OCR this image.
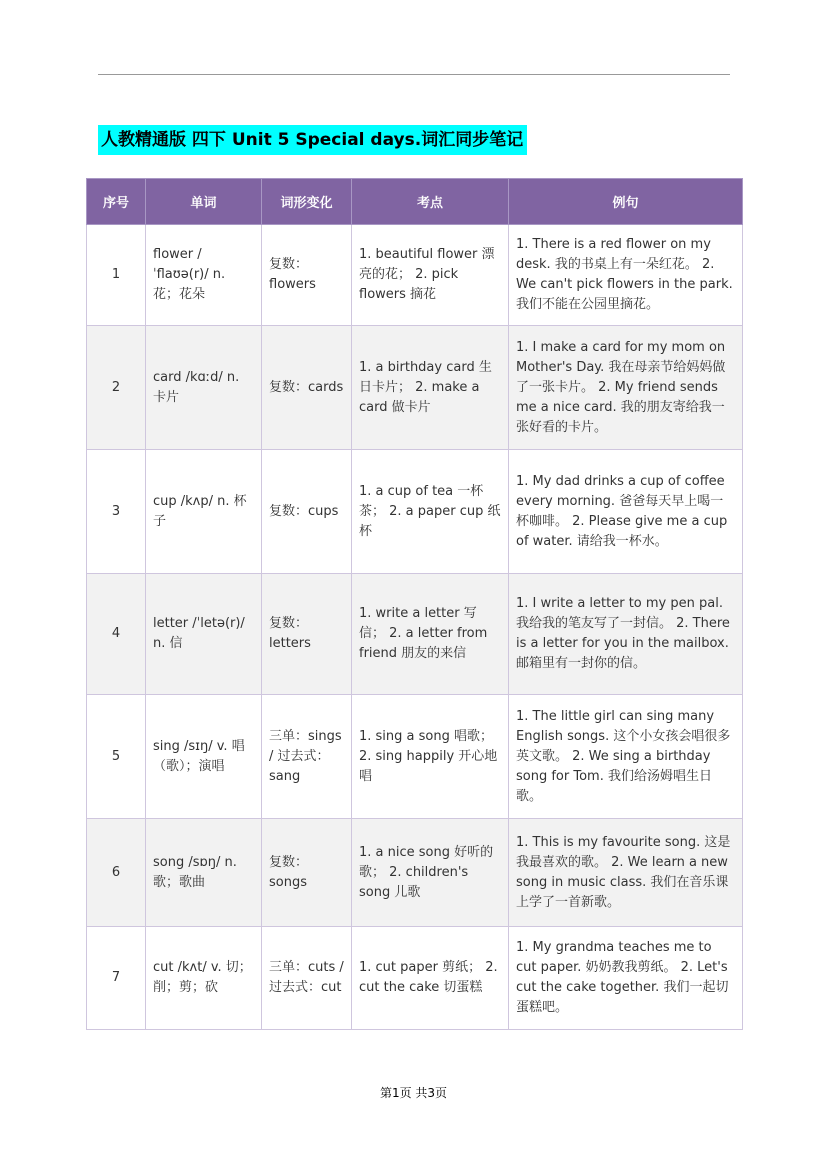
人教精通版 四下 Unit 5 Special days.词汇同步笔记
序号	单词	词形变化	考点	例句
1	flower /ˈflaʊə(r)/ n. 花；花朵	复数：flowers	1. beautiful flower 漂亮的花； 2. pick flowers 摘花	1. There is a red flower on my desk. 我的书桌上有一朵红花。 2. We can't pick flowers in the park. 我们不能在公园里摘花。
2	card /kɑːd/ n. 卡片	复数：cards	1. a birthday card 生日卡片； 2. make a card 做卡片	1. I make a card for my mom on Mother's Day. 我在母亲节给妈妈做了一张卡片。 2. My friend sends me a nice card. 我的朋友寄给我一张好看的卡片。
3	cup /kʌp/ n. 杯子	复数：cups	1. a cup of tea 一杯茶； 2. a paper cup 纸杯	1. My dad drinks a cup of coffee every morning. 爸爸每天早上喝一杯咖啡。 2. Please give me a cup of water. 请给我一杯水。
4	letter /ˈletə(r)/ n. 信	复数：letters	1. write a letter 写信； 2. a letter from friend 朋友的来信	1. I write a letter to my pen pal. 我给我的笔友写了一封信。 2. There is a letter for you in the mailbox. 邮箱里有一封你的信。
5	sing /sɪŋ/ v. 唱（歌）；演唱	三单：sings / 过去式：sang	1. sing a song 唱歌； 2. sing happily 开心地唱	1. The little girl can sing many English songs. 这个小女孩会唱很多英文歌。 2. We sing a birthday song for Tom. 我们给汤姆唱生日歌。
6	song /sɒŋ/ n. 歌；歌曲	复数：songs	1. a nice song 好听的歌； 2. children's song 儿歌	1. This is my favourite song. 这是我最喜欢的歌。 2. We learn a new song in music class. 我们在音乐课上学了一首新歌。
7	cut /kʌt/ v. 切；削；剪；砍	三单：cuts / 过去式：cut	1. cut paper 剪纸； 2. cut the cake 切蛋糕	1. My grandma teaches me to cut paper. 奶奶教我剪纸。 2. Let's cut the cake together. 我们一起切蛋糕吧。
第1页 共3页
